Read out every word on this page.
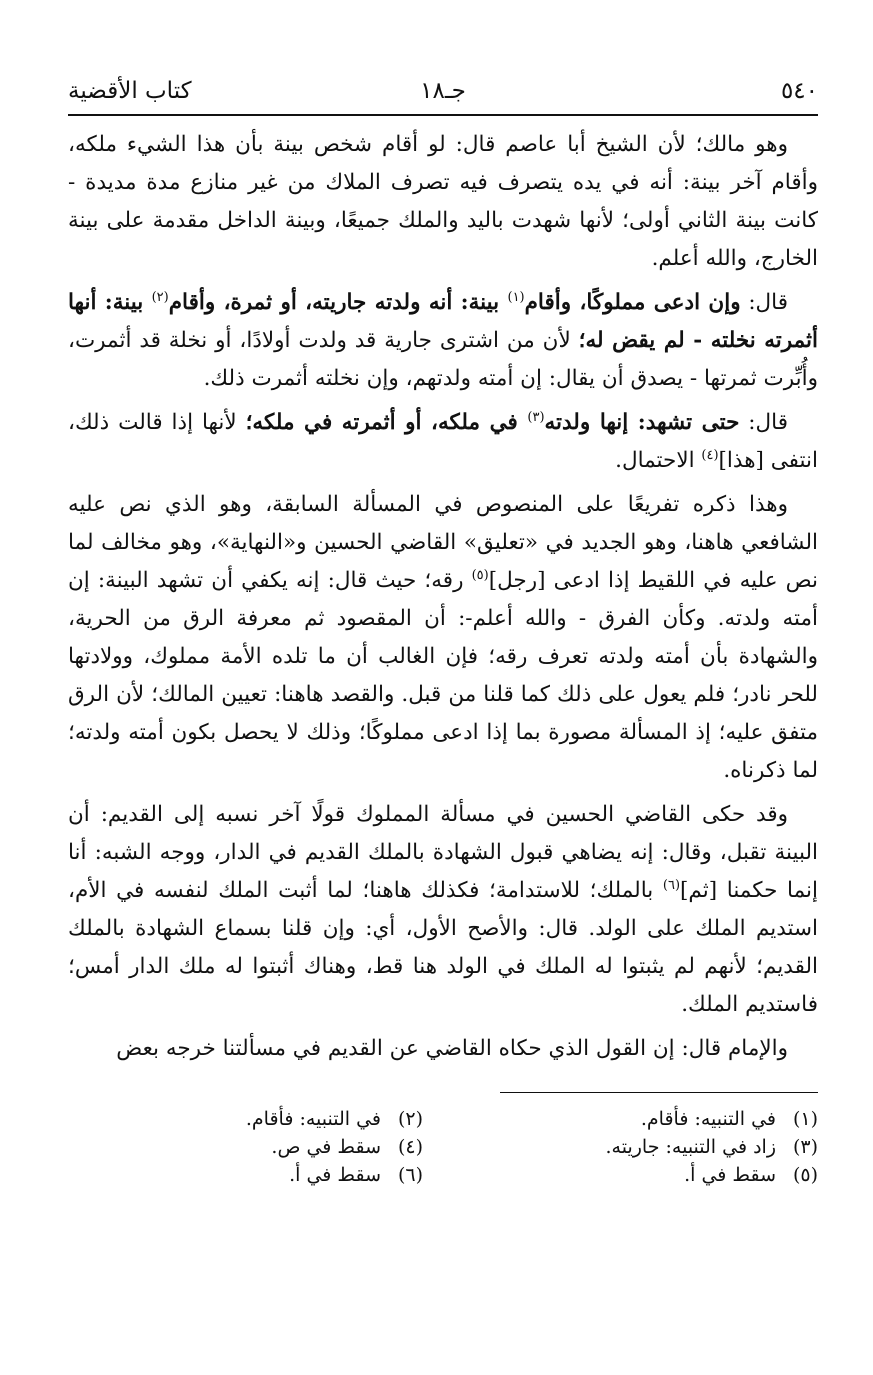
٥٤٠
جـ١٨
كتاب الأقضية

وهو مالك؛ لأن الشيخ أبا عاصم قال: لو أقام شخص بينة بأن هذا الشيء ملكه، وأقام آخر بينة: أنه في يده يتصرف فيه تصرف الملاك من غير منازع مدة مديدة - كانت بينة الثاني أولى؛ لأنها شهدت باليد والملك جميعًا، وبينة الداخل مقدمة على بينة الخارج، والله أعلم.

قال: وإن ادعى مملوكًا، وأقام$^{(١)}$ بينة: أنه ولدته جاريته، أو ثمرة، وأقام$^{(٢)}$ بينة: أنها أثمرته نخلته - لم يقض له؛ لأن من اشترى جارية قد ولدت أولادًا، أو نخلة قد أثمرت، وأُبِّرت ثمرتها - يصدق أن يقال: إن أمته ولدتهم، وإن نخلته أثمرت ذلك.

قال: حتى تشهد: إنها ولدته$^{(٣)}$ في ملكه، أو أثمرته في ملكه؛ لأنها إذا قالت ذلك، انتفى [هذا]$^{(٤)}$ الاحتمال.

وهذا ذكره تفريعًا على المنصوص في المسألة السابقة، وهو الذي نص عليه الشافعي هاهنا، وهو الجديد في «تعليق» القاضي الحسين و«النهاية»، وهو مخالف لما نص عليه في اللقيط إذا ادعى [رجل]$^{(٥)}$ رقه؛ حيث قال: إنه يكفي أن تشهد البينة: إن أمته ولدته. وكأن الفرق - والله أعلم-: أن المقصود ثم معرفة الرق من الحرية، والشهادة بأن أمته ولدته تعرف رقه؛ فإن الغالب أن ما تلده الأمة مملوك، وولادتها للحر نادر؛ فلم يعول على ذلك كما قلنا من قبل. والقصد هاهنا: تعيين المالك؛ لأن الرق متفق عليه؛ إذ المسألة مصورة بما إذا ادعى مملوكًا؛ وذلك لا يحصل بكون أمته ولدته؛ لما ذكرناه.

وقد حكى القاضي الحسين في مسألة المملوك قولًا آخر نسبه إلى القديم: أن البينة تقبل، وقال: إنه يضاهي قبول الشهادة بالملك القديم في الدار، ووجه الشبه: أنا إنما حكمنا [ثم]$^{(٦)}$ بالملك؛ للاستدامة؛ فكذلك هاهنا؛ لما أثبت الملك لنفسه في الأم، استديم الملك على الولد. قال: والأصح الأول، أي: وإن قلنا بسماع الشهادة بالملك القديم؛ لأنهم لم يثبتوا له الملك في الولد هنا قط، وهناك أثبتوا له ملك الدار أمس؛ فاستديم الملك.

والإمام قال: إن القول الذي حكاه القاضي عن القديم في مسألتنا خرجه بعض

(١)
في التنبيه: فأقام.
(٢)
في التنبيه: فأقام.
(٣)
زاد في التنبيه: جاريته.
(٤)
سقط في ص.
(٥)
سقط في أ.
(٦)
سقط في أ.
